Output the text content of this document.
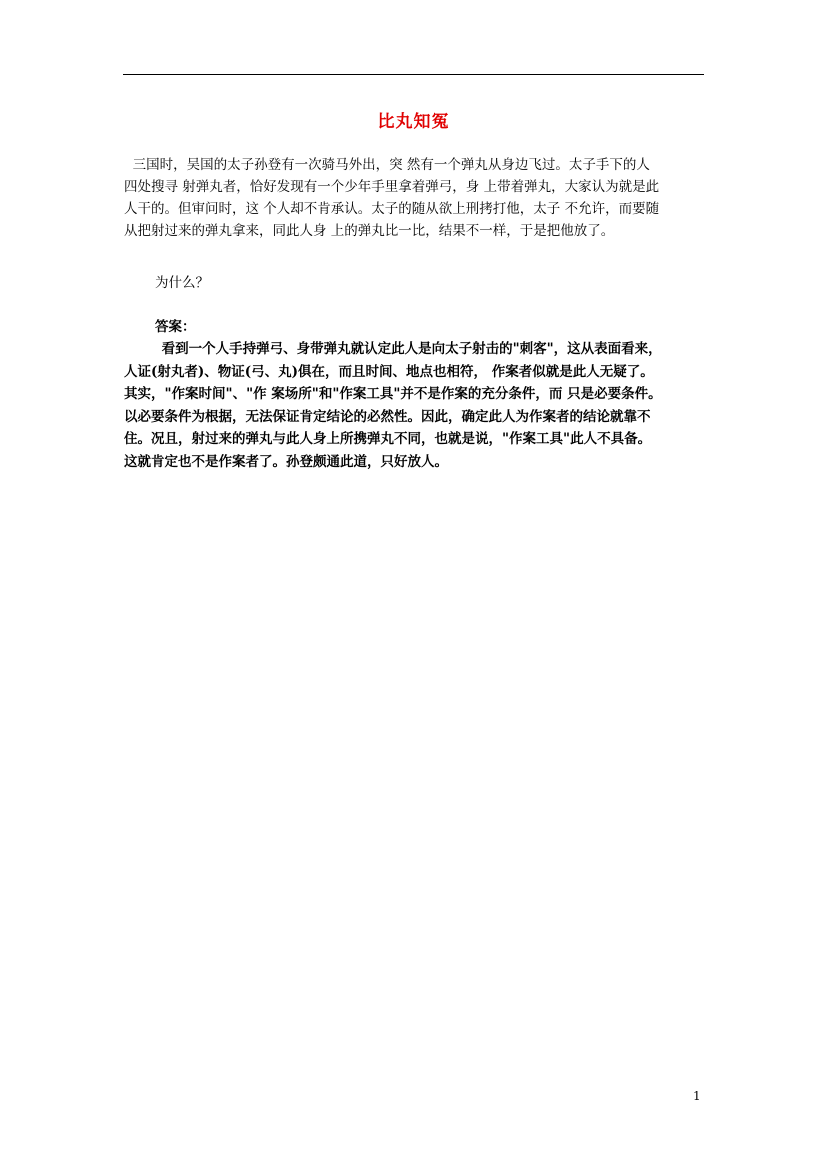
比丸知冤
三国时，吴国的太子孙登有一次骑马外出，突 然有一个弹丸从身边飞过。太子手下的人
四处搜寻 射弹丸者，恰好发现有一个少年手里拿着弹弓，身 上带着弹丸，大家认为就是此
人干的。但审问时，这 个人却不肯承认。太子的随从欲上刑拷打他，太子 不允许，而要随
从把射过来的弹丸拿来，同此人身 上的弹丸比一比，结果不一样，于是把他放了。
为什么？
答案：
看到一个人手持弹弓、身带弹丸就认定此人是向太子射击的"刺客"，这从表面看来，
人证(射丸者)、物证(弓、丸)俱在，而且时间、地点也相符， 作案者似就是此人无疑了。
其实，"作案时间"、"作 案场所"和"作案工具"并不是作案的充分条件，而 只是必要条件。
以必要条件为根据，无法保证肯定结论的必然性。因此，确定此人为作案者的结论就靠不
住。况且，射过来的弹丸与此人身上所携弹丸不同，也就是说，"作案工具"此人不具备。
这就肯定也不是作案者了。孙登颇通此道，只好放人。
1
